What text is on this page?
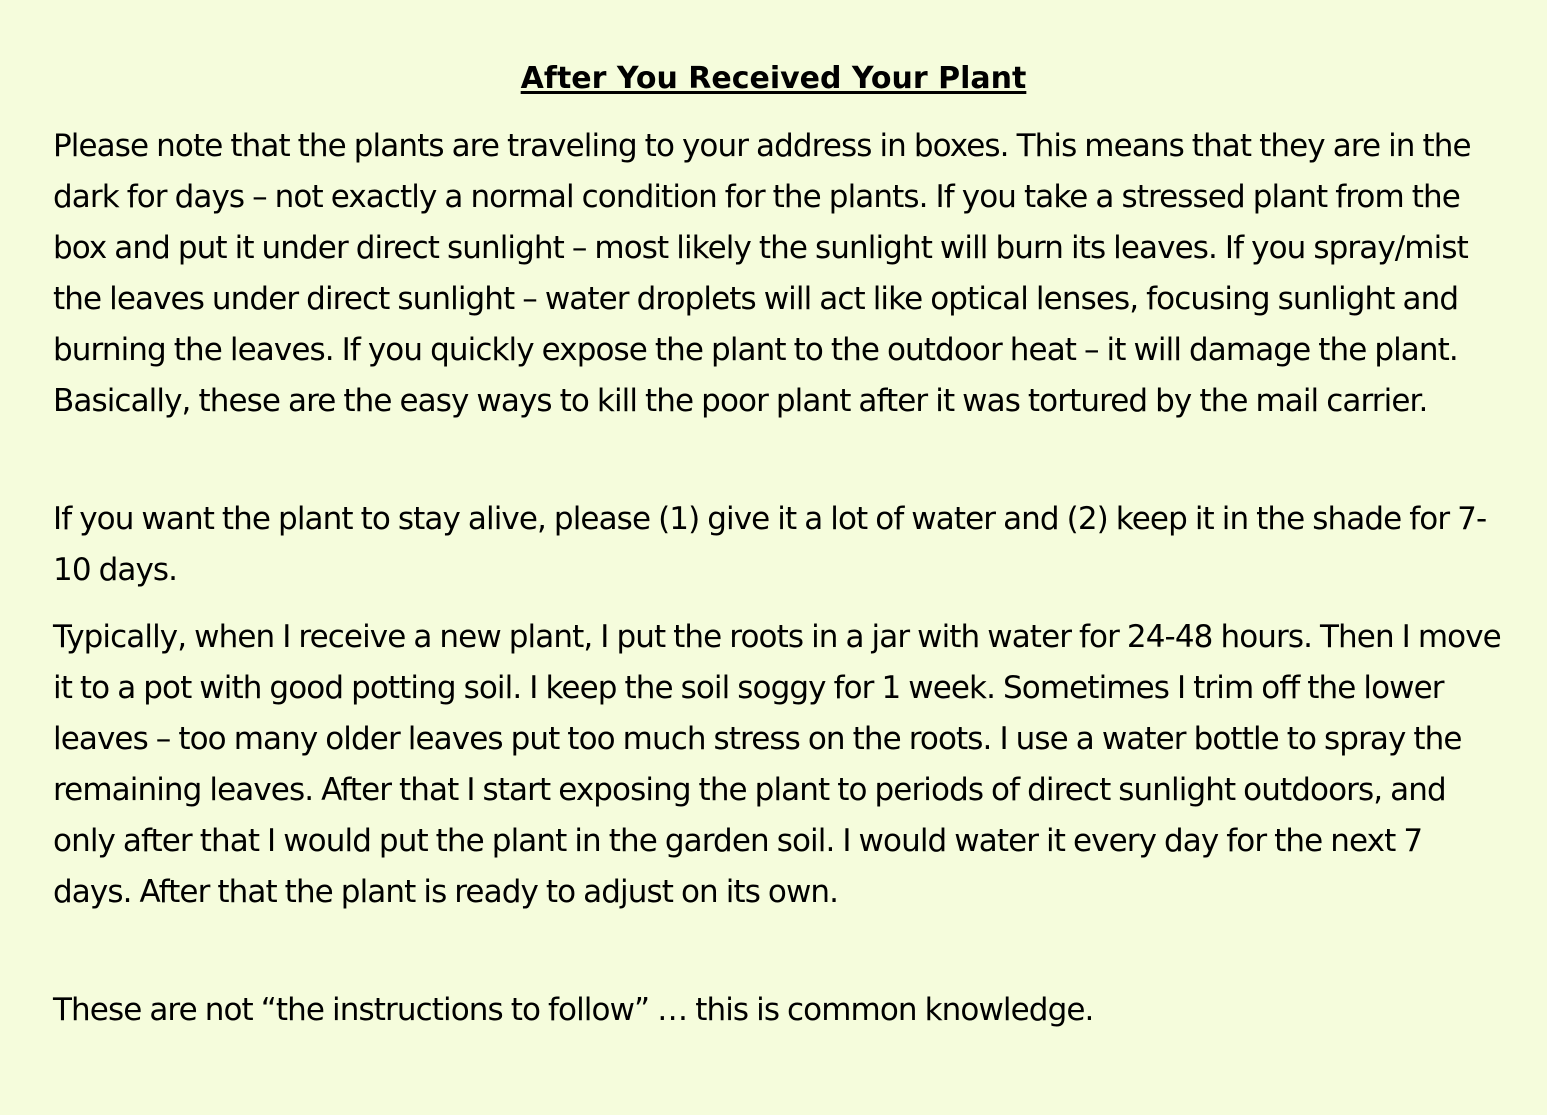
After You Received Your Plant

Please note that the plants are traveling to your address in boxes. This means that they are in the dark for days – not exactly a normal condition for the plants. If you take a stressed plant from the box and put it under direct sunlight – most likely the sunlight will burn its leaves. If you spray/mist the leaves under direct sunlight – water droplets will act like optical lenses, focusing sunlight and burning the leaves. If you quickly expose the plant to the outdoor heat – it will damage the plant. Basically, these are the easy ways to kill the poor plant after it was tortured by the mail carrier.

If you want the plant to stay alive, please (1) give it a lot of water and (2) keep it in the shade for 7-10 days.

Typically, when I receive a new plant, I put the roots in a jar with water for 24-48 hours. Then I move it to a pot with good potting soil. I keep the soil soggy for 1 week. Sometimes I trim off the lower leaves – too many older leaves put too much stress on the roots. I use a water bottle to spray the remaining leaves. After that I start exposing the plant to periods of direct sunlight outdoors, and only after that I would put the plant in the garden soil. I would water it every day for the next 7 days. After that the plant is ready to adjust on its own.

These are not “the instructions to follow” … this is common knowledge.
